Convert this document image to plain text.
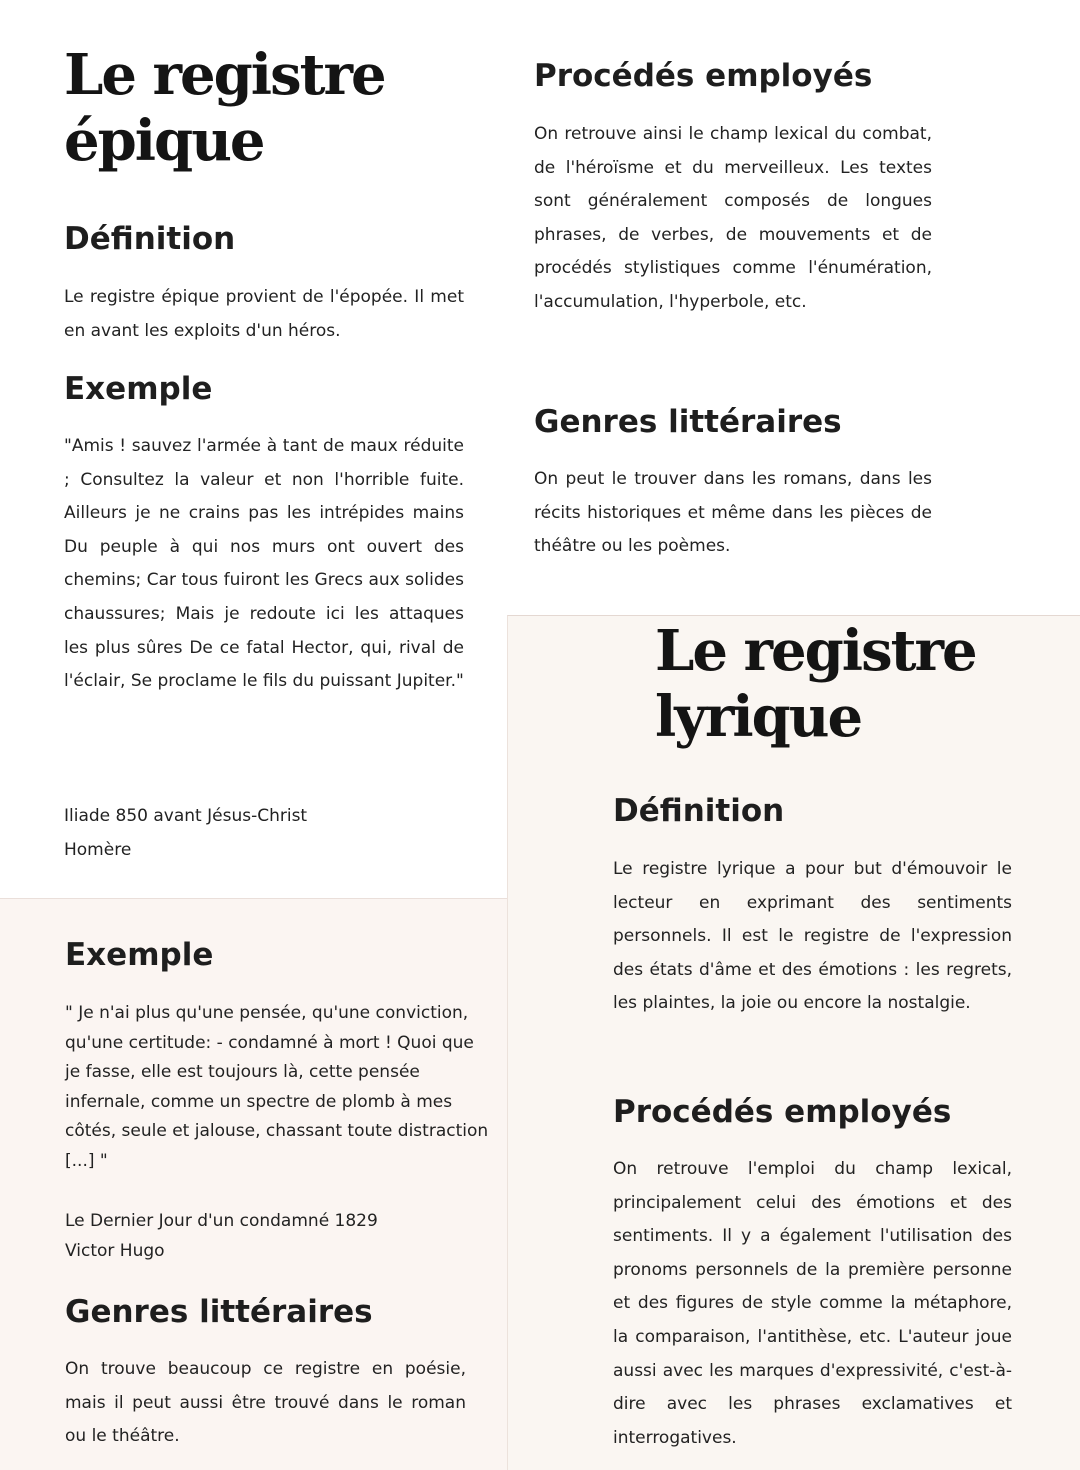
Le registre épique
Définition

Le registre épique provient de l'épopée. Il met en avant les exploits d'un héros.

Exemple

"Amis ! sauvez l'armée à tant de maux réduite ; Consultez la valeur et non l'horrible fuite. Ailleurs je ne crains pas les intrépides mains Du peuple à qui nos murs ont ouvert des chemins; Car tous fuiront les Grecs aux solides chaussures; Mais je redoute ici les attaques les plus sûres De ce fatal Hector, qui, rival de l'éclair, Se proclame le fils du puissant Jupiter."

Iliade 850 avant Jésus-Christ

Homère

Procédés employés

On retrouve ainsi le champ lexical du combat, de l'héroïsme et du merveilleux. Les textes sont généralement composés de longues phrases, de verbes, de mouvements et de procédés stylistiques comme l'énumération, l'accumulation, l'hyperbole, etc.

Genres littéraires

On peut le trouver dans les romans, dans les récits historiques et même dans les pièces de théâtre ou les poèmes.

Exemple

" Je n'ai plus qu'une pensée, qu'une conviction, qu'une certitude: - condamné à mort ! Quoi que je fasse, elle est toujours là, cette pensée infernale, comme un spectre de plomb à mes côtés, seule et jalouse, chassant toute distraction [...] "

Le Dernier Jour d'un condamné 1829

Victor Hugo

Genres littéraires

On trouve beaucoup ce registre en poésie, mais il peut aussi être trouvé dans le roman ou le théâtre.

Le registre lyrique
Définition

Le registre lyrique a pour but d'émouvoir le lecteur en exprimant des sentiments personnels. Il est le registre de l'expression des états d'âme et des émotions : les regrets, les plaintes, la joie ou encore la nostalgie.

Procédés employés

On retrouve l'emploi du champ lexical, principalement celui des émotions et des sentiments. Il y a également l'utilisation des pronoms personnels de la première personne et des figures de style comme la métaphore, la comparaison, l'antithèse, etc. L'auteur joue aussi avec les marques d'expressivité, c'est-à-dire avec les phrases exclamatives et interrogatives.
